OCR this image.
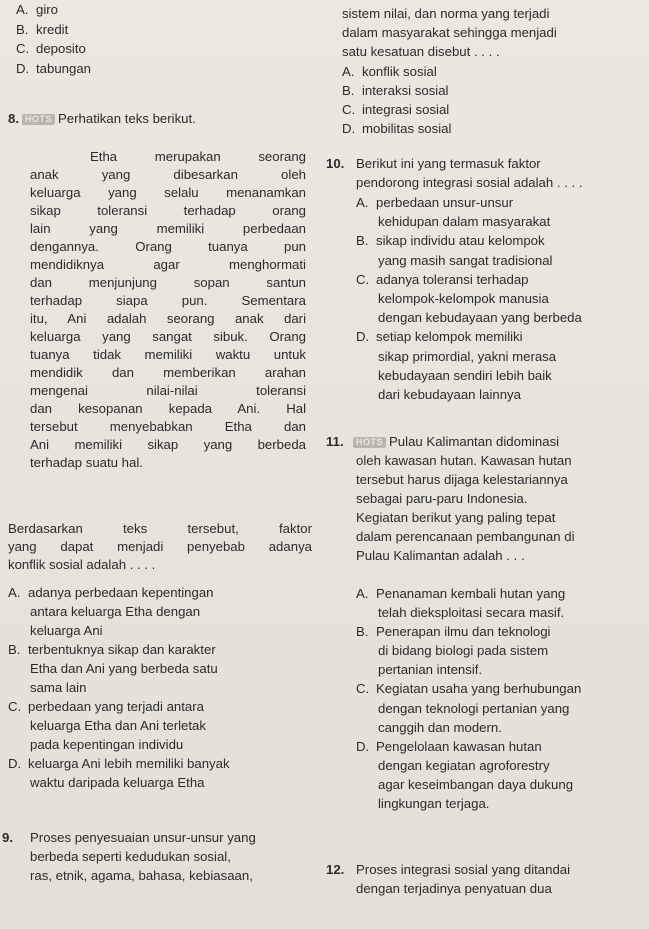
A. giro
B. kredit
C. deposito
D. tabungan
8. HOTS Perhatikan teks berikut.
Etha merupakan seorang
anak yang dibesarkan oleh
keluarga yang selalu menanamkan
sikap toleransi terhadap orang
lain yang memiliki perbedaan
dengannya. Orang tuanya pun
mendidiknya agar menghormati
dan menjunjung sopan santun
terhadap siapa pun. Sementara
itu, Ani adalah seorang anak dari
keluarga yang sangat sibuk. Orang
tuanya tidak memiliki waktu untuk
mendidik dan memberikan arahan
mengenai nilai-nilai toleransi
dan kesopanan kepada Ani. Hal
tersebut menyebabkan Etha dan
Ani memiliki sikap yang berbeda
terhadap suatu hal.
Berdasarkan teks tersebut, faktor
yang dapat menjadi penyebab adanya
konflik sosial adalah . . . .
A. adanya perbedaan kepentingan
antara keluarga Etha dengan
keluarga Ani
B. terbentuknya sikap dan karakter
Etha dan Ani yang berbeda satu
sama lain
C. perbedaan yang terjadi antara
keluarga Etha dan Ani terletak
pada kepentingan individu
D. keluarga Ani lebih memiliki banyak
waktu daripada keluarga Etha
9. Proses penyesuaian unsur-unsur yang
berbeda seperti kedudukan sosial,
ras, etnik, agama, bahasa, kebiasaan,
sistem nilai, dan norma yang terjadi
dalam masyarakat sehingga menjadi
satu kesatuan disebut . . . .
A. konflik sosial
B. interaksi sosial
C. integrasi sosial
D. mobilitas sosial
10. Berikut ini yang termasuk faktor
pendorong integrasi sosial adalah . . . .
A. perbedaan unsur-unsur
kehidupan dalam masyarakat
B. sikap individu atau kelompok
yang masih sangat tradisional
C. adanya toleransi terhadap
kelompok-kelompok manusia
dengan kebudayaan yang berbeda
D. setiap kelompok memiliki
sikap primordial, yakni merasa
kebudayaan sendiri lebih baik
dari kebudayaan lainnya
11. HOTS Pulau Kalimantan didominasi
oleh kawasan hutan. Kawasan hutan
tersebut harus dijaga kelestariannya
sebagai paru-paru Indonesia.
Kegiatan berikut yang paling tepat
dalam perencanaan pembangunan di
Pulau Kalimantan adalah . . .
A. Penanaman kembali hutan yang
telah dieksploitasi secara masif.
B. Penerapan ilmu dan teknologi
di bidang biologi pada sistem
pertanian intensif.
C. Kegiatan usaha yang berhubungan
dengan teknologi pertanian yang
canggih dan modern.
D. Pengelolaan kawasan hutan
dengan kegiatan agroforestry
agar keseimbangan daya dukung
lingkungan terjaga.
12. Proses integrasi sosial yang ditandai
dengan terjadinya penyatuan dua
